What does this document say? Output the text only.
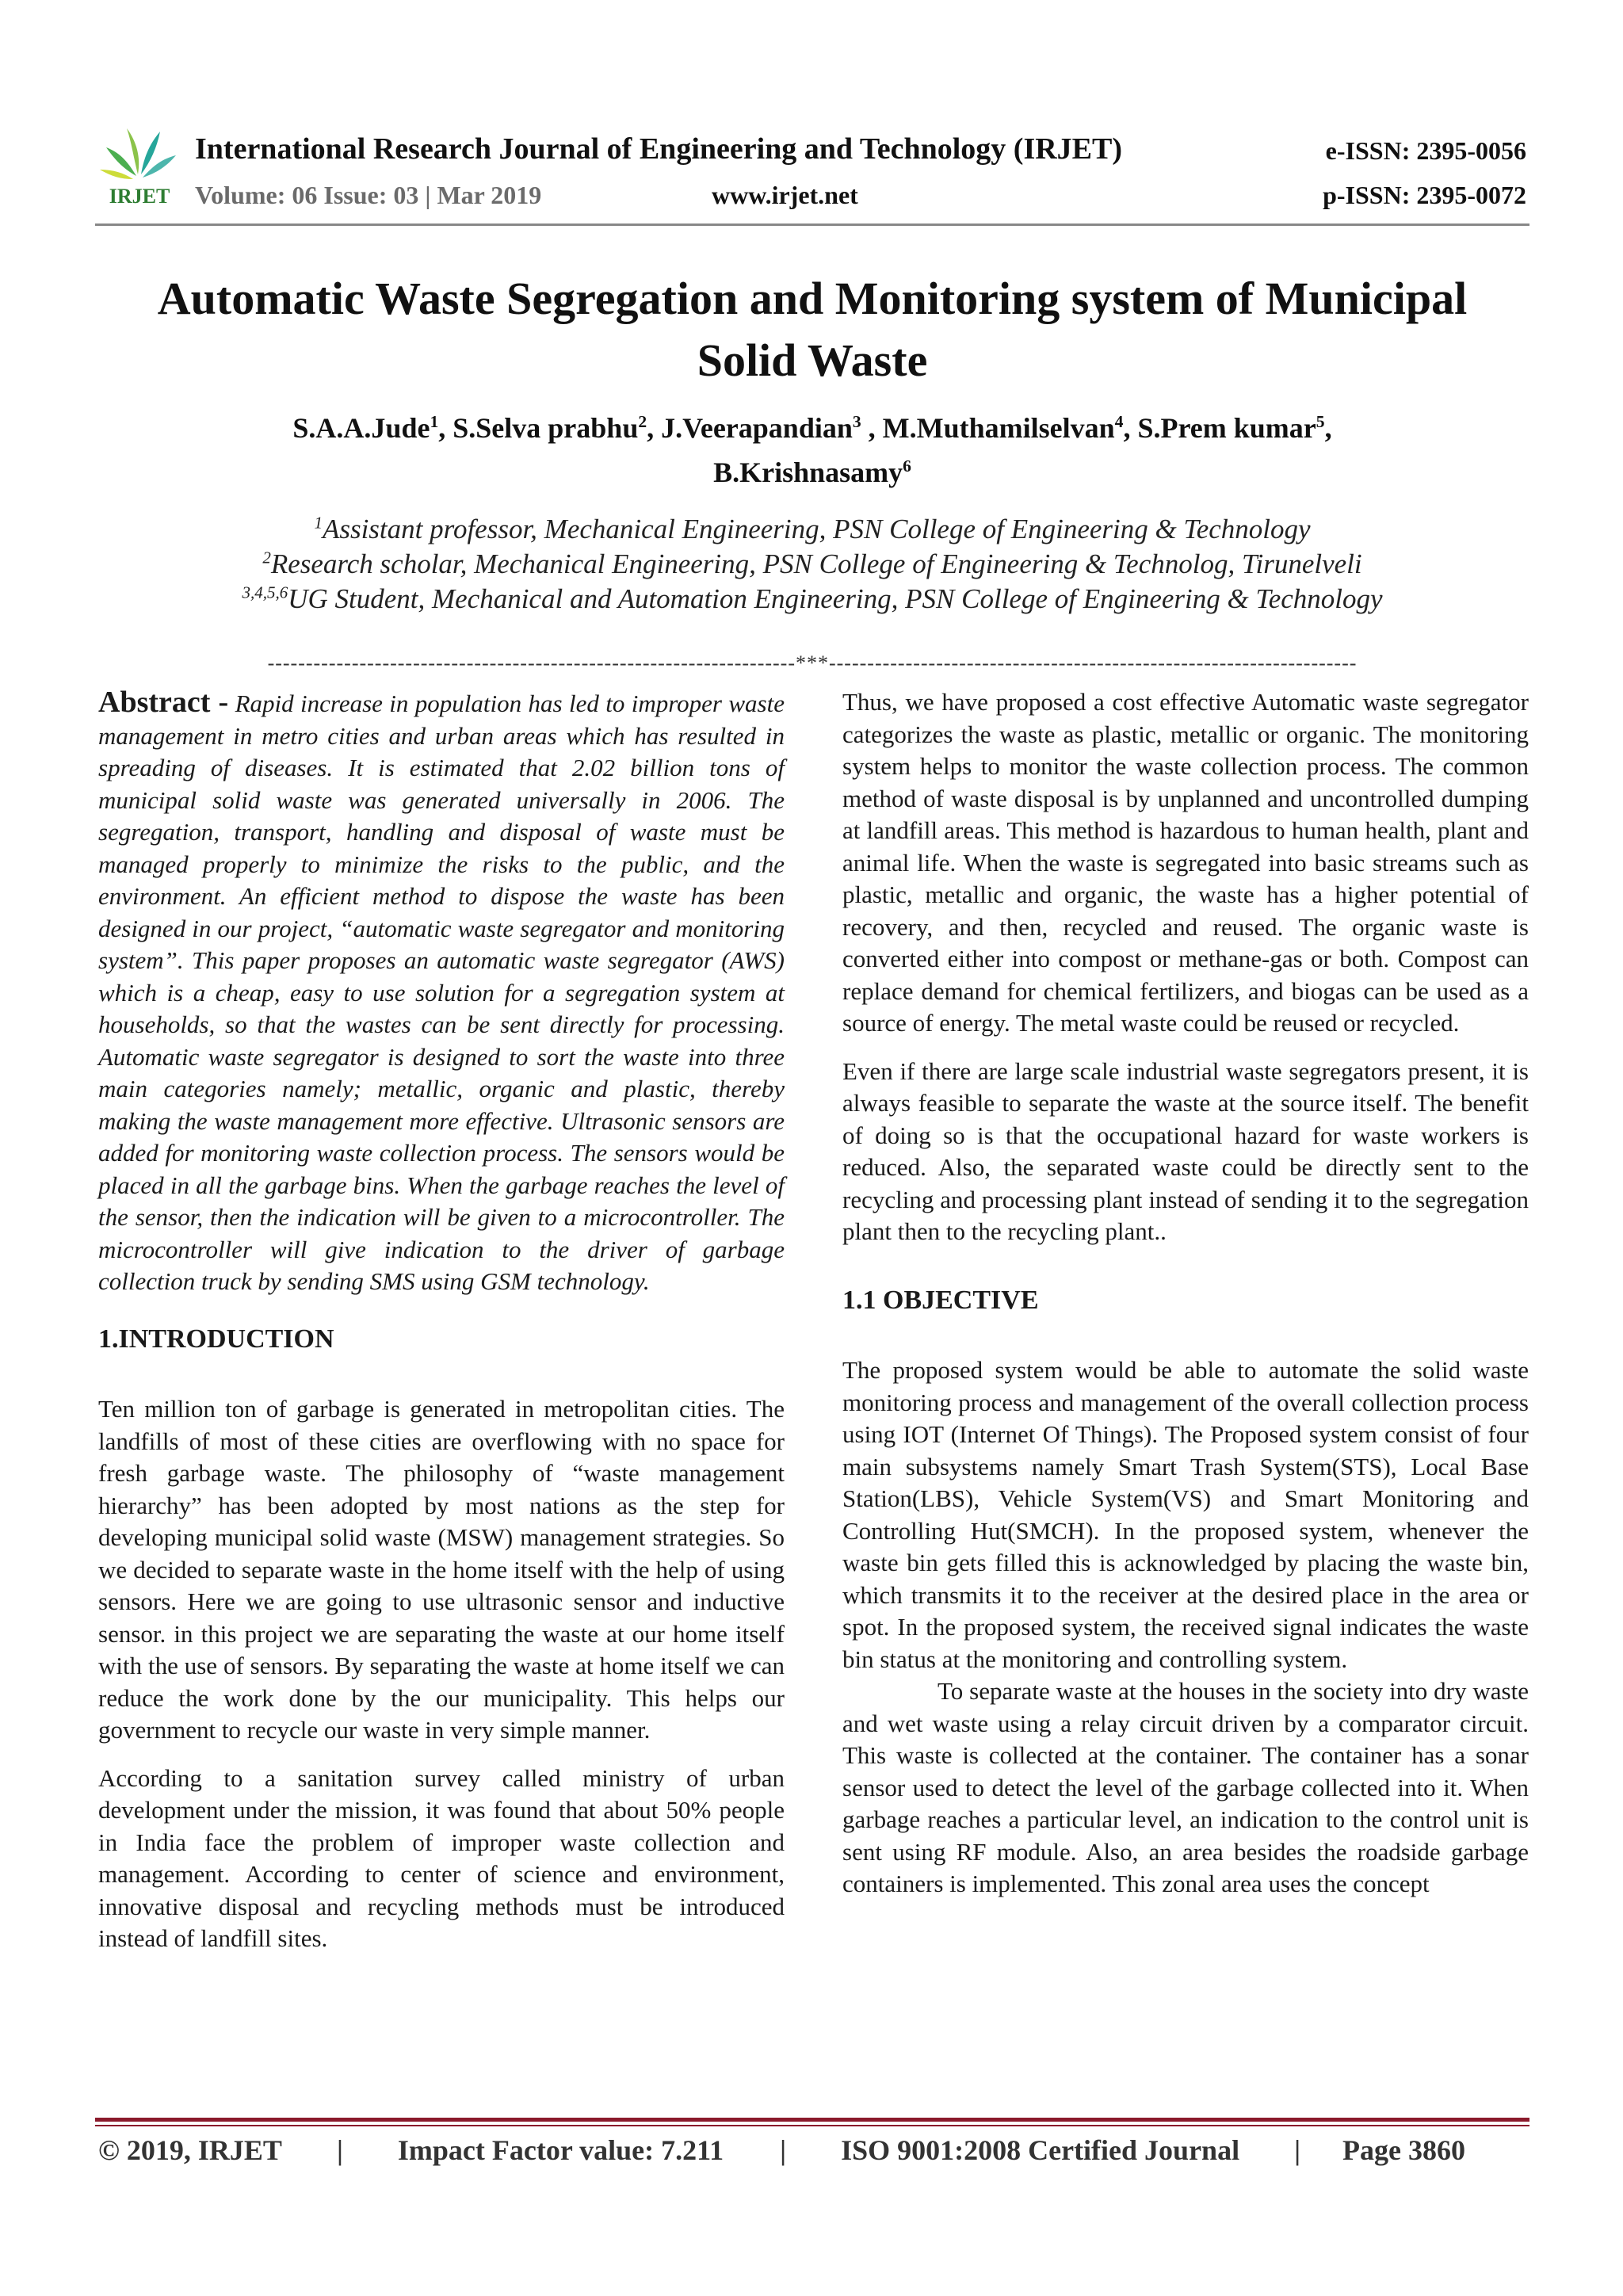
IRJET
International Research Journal of Engineering and Technology (IRJET)
Volume: 06 Issue: 03 | Mar 2019	www.irjet.net
e-ISSN: 2395-0056
p-ISSN: 2395-0072
Automatic Waste Segregation and Monitoring system of Municipal Solid Waste
S.A.A.Jude$^1$, S.Selva prabhu$^2$, J.Veerapandian$^3$ , M.Muthamilselvan$^4$, S.Prem kumar$^5$,
B.Krishnasamy$^6$
$^1$Assistant professor, Mechanical Engineering, PSN College of Engineering & Technology
$^2$Research scholar, Mechanical Engineering, PSN College of Engineering & Technolog, Tirunelveli
$^{3,4,5,6}$UG Student, Mechanical and Automation Engineering, PSN College of Engineering & Technology
---------------------------------------------------------------------***---------------------------------------------------------------------

Abstract - Rapid increase in population has led to improper waste management in metro cities and urban areas which has resulted in spreading of diseases. It is estimated that 2.02 billion tons of municipal solid waste was generated universally in 2006. The segregation, transport, handling and disposal of waste must be managed properly to minimize the risks to the public, and the environment. An efficient method to dispose the waste has been designed in our project, “automatic waste segregator and monitoring system”. This paper proposes an automatic waste segregator (AWS) which is a cheap, easy to use solution for a segregation system at households, so that the wastes can be sent directly for processing. Automatic waste segregator is designed to sort the waste into three main categories namely; metallic, organic and plastic, thereby making the waste management more effective. Ultrasonic sensors are added for monitoring waste collection process. The sensors would be placed in all the garbage bins. When the garbage reaches the level of the sensor, then the indication will be given to a microcontroller. The microcontroller will give indication to the driver of garbage collection truck by sending SMS using GSM technology.

1.INTRODUCTION

Ten million ton of garbage is generated in metropolitan cities. The landfills of most of these cities are overflowing with no space for fresh garbage waste. The philosophy of “waste management hierarchy” has been adopted by most nations as the step for developing municipal solid waste (MSW) management strategies. So we decided to separate waste in the home itself with the help of using sensors. Here we are going to use ultrasonic sensor and inductive sensor. in this project we are separating the waste at our home itself with the use of sensors. By separating the waste at home itself we can reduce the work done by the our municipality. This helps our government to recycle our waste in very simple manner.

According to a sanitation survey called ministry of urban development under the mission, it was found that about 50% people in India face the problem of improper waste collection and management. According to center of science and environment, innovative disposal and recycling methods must be introduced instead of landfill sites.

Thus, we have proposed a cost effective Automatic waste segregator categorizes the waste as plastic, metallic or organic. The monitoring system helps to monitor the waste collection process. The common method of waste disposal is by unplanned and uncontrolled dumping at landfill areas. This method is hazardous to human health, plant and animal life. When the waste is segregated into basic streams such as plastic, metallic and organic, the waste has a higher potential of recovery, and then, recycled and reused. The organic waste is converted either into compost or methane-gas or both. Compost can replace demand for chemical fertilizers, and biogas can be used as a source of energy. The metal waste could be reused or recycled.

Even if there are large scale industrial waste segregators present, it is always feasible to separate the waste at the source itself. The benefit of doing so is that the occupational hazard for waste workers is reduced. Also, the separated waste could be directly sent to the recycling and processing plant instead of sending it to the segregation plant then to the recycling plant..

1.1 OBJECTIVE

The proposed system would be able to automate the solid waste monitoring process and management of the overall collection process using IOT (Internet Of Things). The Proposed system consist of four main subsystems namely Smart Trash System(STS), Local Base Station(LBS), Vehicle System(VS) and Smart Monitoring and Controlling Hut(SMCH). In the proposed system, whenever the waste bin gets filled this is acknowledged by placing the waste bin, which transmits it to the receiver at the desired place in the area or spot. In the proposed system, the received signal indicates the waste bin status at the monitoring and controlling system.

To separate waste at the houses in the society into dry waste and wet waste using a relay circuit driven by a comparator circuit. This waste is collected at the container. The container has a sonar sensor used to detect the level of the garbage collected into it. When garbage reaches a particular level, an indication to the control unit is sent using RF module. Also, an area besides the roadside garbage containers is implemented. This zonal area uses the concept

© 2019, IRJET | Impact Factor value: 7.211 | ISO 9001:2008 Certified Journal | Page 3860
